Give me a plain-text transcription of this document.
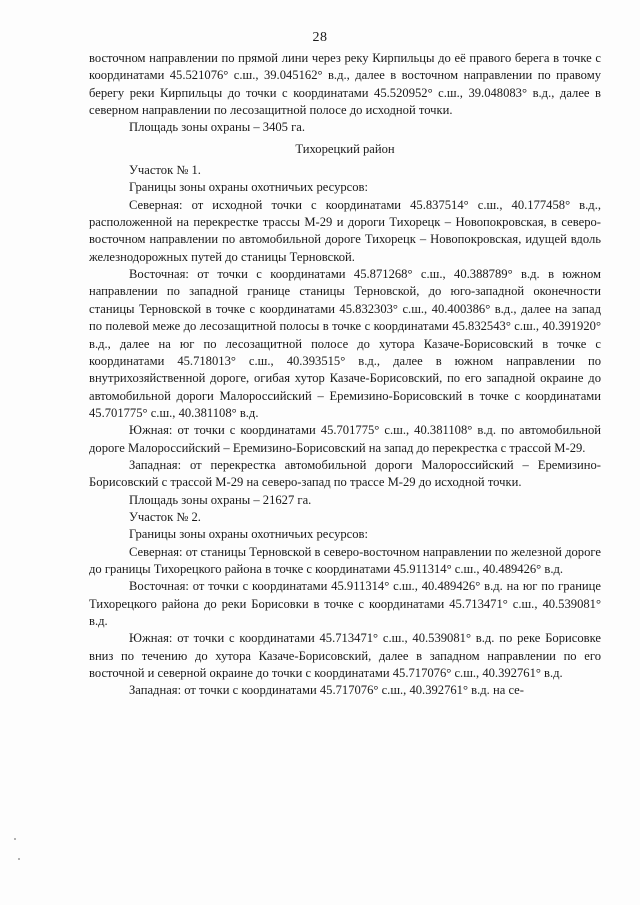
28

восточном направлении по прямой лини через реку Кирпильцы до её правого берега в точке с координатами 45.521076° с.ш., 39.045162° в.д., далее в восточном направлении по правому берегу реки Кирпильцы до точки с координатами 45.520952° с.ш., 39.048083° в.д., далее в северном направлении по лесозащитной полосе до исходной точки.

Площадь зоны охраны – 3405 га.

Тихорецкий район

Участок № 1.

Границы зоны охраны охотничьих ресурсов:

Северная: от исходной точки с координатами 45.837514° с.ш., 40.177458° в.д., расположенной на перекрестке трассы М-29 и дороги Тихорецк – Новопокровская, в северо-восточном направлении по автомобильной дороге Тихорецк – Новопокровская, идущей вдоль железнодорожных путей до станицы Терновской.

Восточная: от точки с координатами 45.871268° с.ш., 40.388789° в.д. в южном направлении по западной границе станицы Терновской, до юго-западной оконечности станицы Терновской в точке с координатами 45.832303° с.ш., 40.400386° в.д., далее на запад по полевой меже до лесозащитной полосы в точке с координатами 45.832543° с.ш., 40.391920° в.д., далее на юг по лесозащитной полосе до хутора Казаче-Борисовский в точке с координатами 45.718013° с.ш., 40.393515° в.д., далее в южном направлении по внутрихозяйственной дороге, огибая хутор Казаче-Борисовский, по его западной окраине до автомобильной дороги Малороссийский – Еремизино-Борисовский в точке с координатами 45.701775° с.ш., 40.381108° в.д.

Южная: от точки с координатами 45.701775° с.ш., 40.381108° в.д. по автомобильной дороге Малороссийский – Еремизино-Борисовский на запад до перекрестка с трассой М-29.

Западная: от перекрестка автомобильной дороги Малороссийский – Еремизино-Борисовский с трассой М-29 на северо-запад по трассе М-29 до исходной точки.

Площадь зоны охраны – 21627 га.

Участок № 2.

Границы зоны охраны охотничьих ресурсов:

Северная: от станицы Терновской в северо-восточном направлении по железной дороге до границы Тихорецкого района в точке с координатами 45.911314° с.ш., 40.489426° в.д.

Восточная: от точки с координатами 45.911314° с.ш., 40.489426° в.д. на юг по границе Тихорецкого района до реки Борисовки в точке с координатами 45.713471° с.ш., 40.539081° в.д.

Южная: от точки с координатами 45.713471° с.ш., 40.539081° в.д. по реке Борисовке вниз по течению до хутора Казаче-Борисовский, далее в западном направлении по его восточной и северной окраине до точки с координатами 45.717076° с.ш., 40.392761° в.д.

Западная: от точки с координатами 45.717076° с.ш., 40.392761° в.д. на се-
